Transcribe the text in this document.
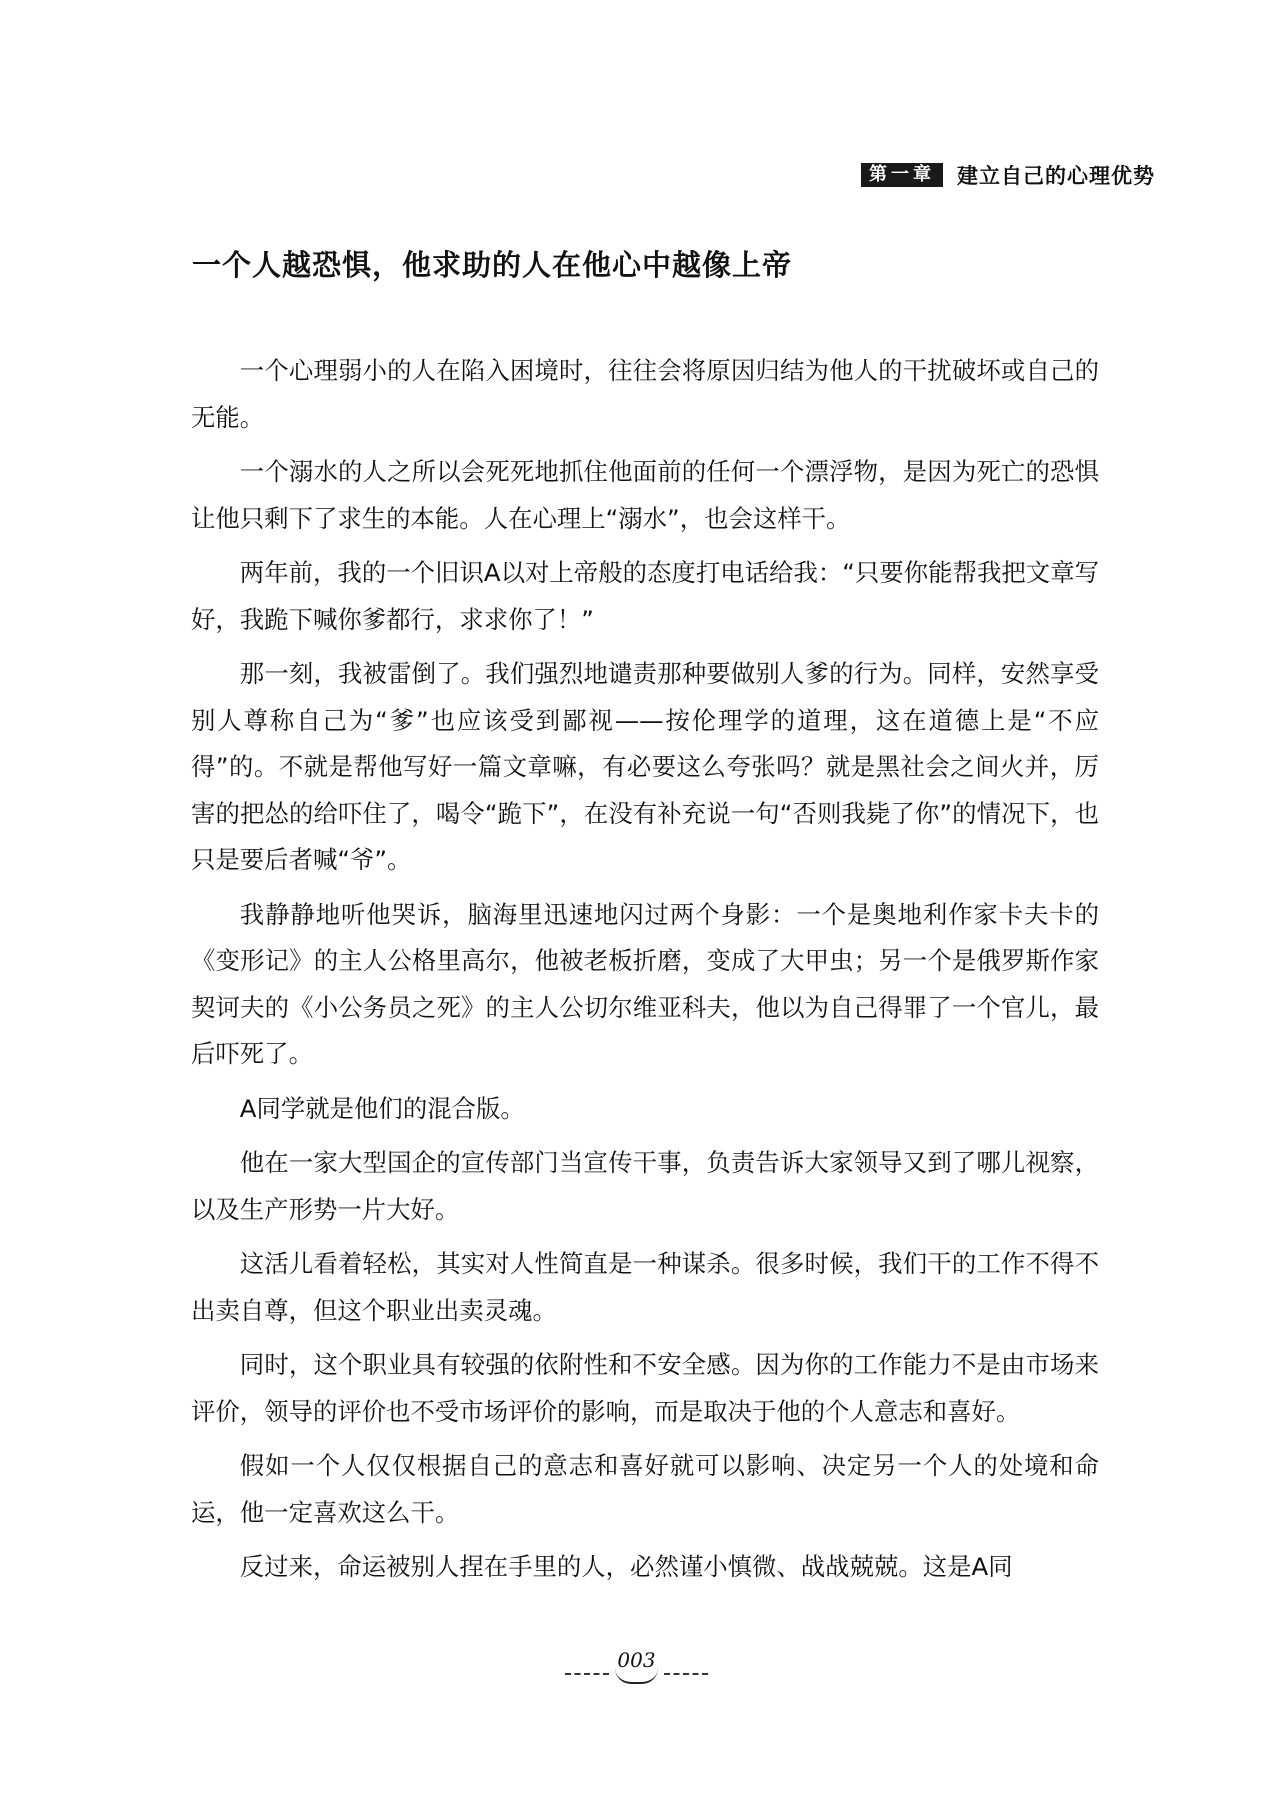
第一章	建立自己的心理优势
一个人越恐惧，他求助的人在他心中越像上帝

一个心理弱小的人在陷入困境时，往往会将原因归结为他人的干扰破坏或自己的无能。

一个溺水的人之所以会死死地抓住他面前的任何一个漂浮物，是因为死亡的恐惧让他只剩下了求生的本能。人在心理上“溺水”，也会这样干。

两年前，我的一个旧识A以对上帝般的态度打电话给我：“只要你能帮我把文章写好，我跪下喊你爹都行，求求你了！”

那一刻，我被雷倒了。我们强烈地谴责那种要做别人爹的行为。同样，安然享受别人尊称自己为“爹”也应该受到鄙视——按伦理学的道理，这在道德上是“不应得”的。不就是帮他写好一篇文章嘛，有必要这么夸张吗？就是黑社会之间火并，厉害的把怂的给吓住了，喝令“跪下”，在没有补充说一句“否则我毙了你”的情况下，也只是要后者喊“爷”。

我静静地听他哭诉，脑海里迅速地闪过两个身影：一个是奥地利作家卡夫卡的《变形记》的主人公格里高尔，他被老板折磨，变成了大甲虫；另一个是俄罗斯作家契诃夫的《小公务员之死》的主人公切尔维亚科夫，他以为自己得罪了一个官儿，最后吓死了。

A同学就是他们的混合版。

他在一家大型国企的宣传部门当宣传干事，负责告诉大家领导又到了哪儿视察，以及生产形势一片大好。

这活儿看着轻松，其实对人性简直是一种谋杀。很多时候，我们干的工作不得不出卖自尊，但这个职业出卖灵魂。

同时，这个职业具有较强的依附性和不安全感。因为你的工作能力不是由市场来评价，领导的评价也不受市场评价的影响，而是取决于他的个人意志和喜好。

假如一个人仅仅根据自己的意志和喜好就可以影响、决定另一个人的处境和命运，他一定喜欢这么干。

反过来，命运被别人捏在手里的人，必然谨小慎微、战战兢兢。这是A同

003
